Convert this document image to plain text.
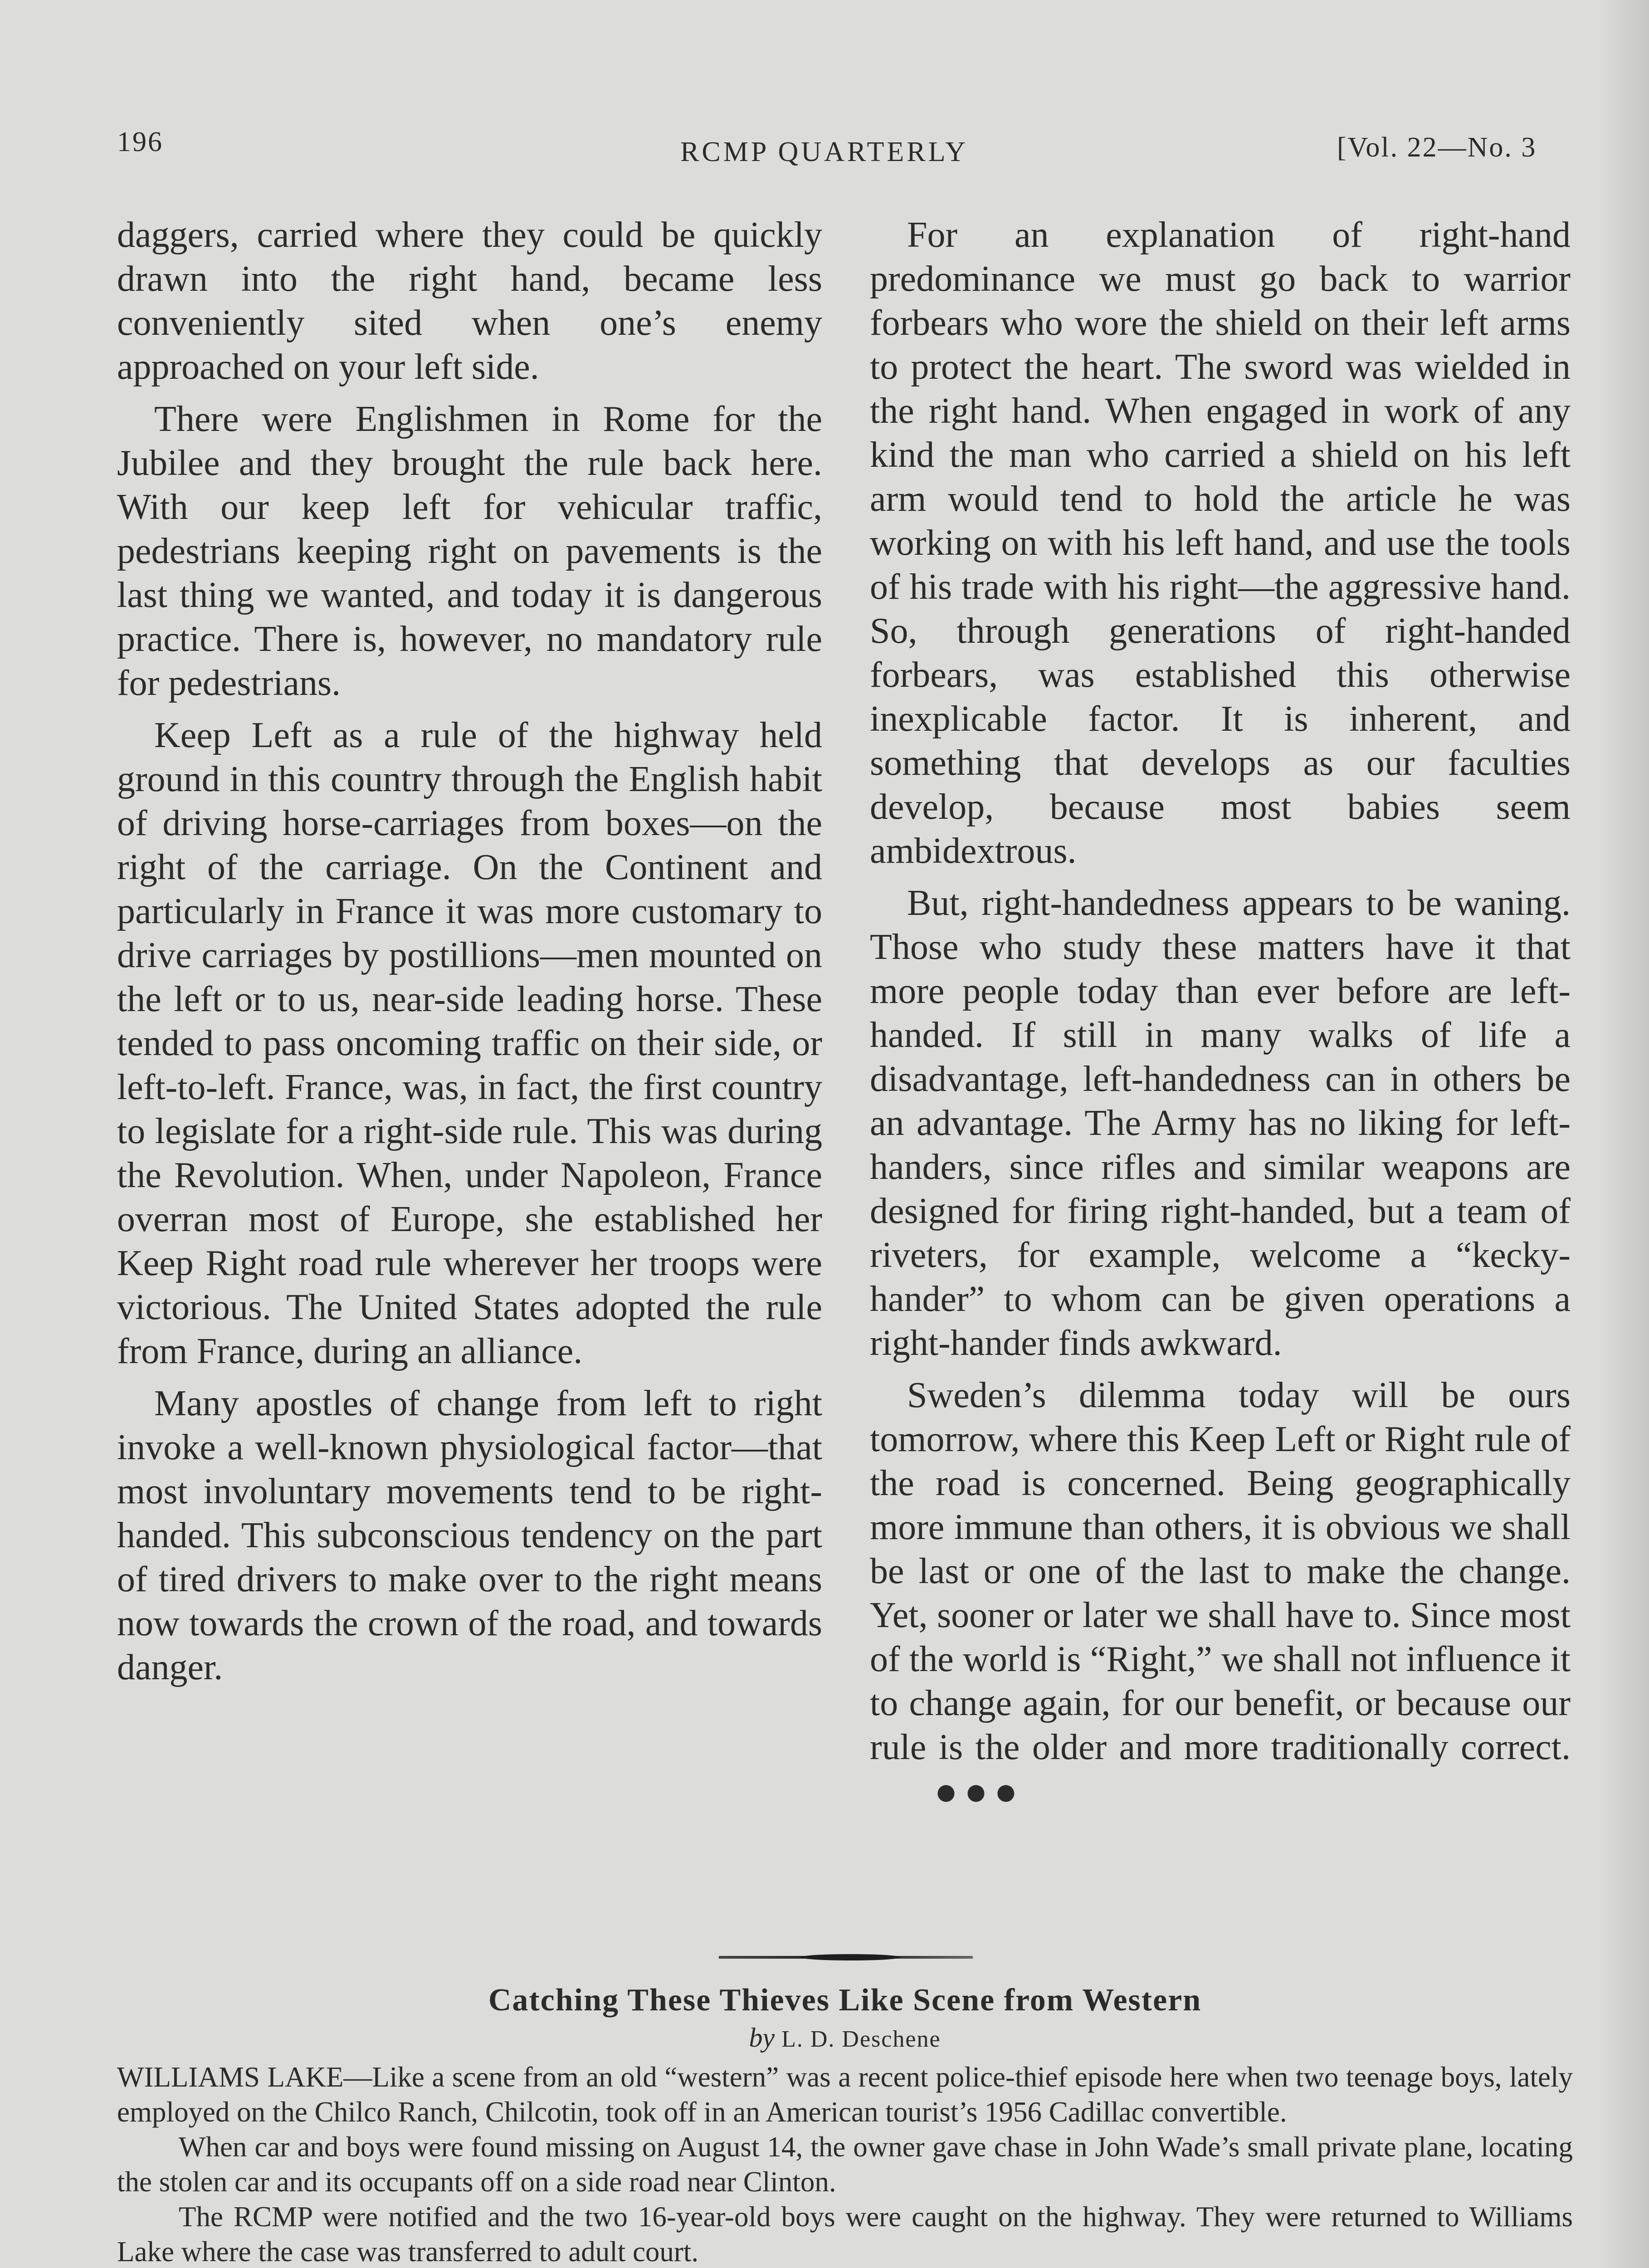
196	RCMP QUARTERLY	[Vol. 22—No. 3

daggers, carried where they could be quickly drawn into the right hand, became less conveniently sited when one’s enemy approached on your left side.

There were Englishmen in Rome for the Jubilee and they brought the rule back here. With our keep left for vehicular traffic, pedestrians keeping right on pavements is the last thing we wanted, and today it is dangerous practice. There is, however, no mandatory rule for pedestrians.

Keep Left as a rule of the highway held ground in this country through the English habit of driving horse-carriages from boxes—on the right of the carriage. On the Continent and particularly in France it was more customary to drive carriages by postillions—men mounted on the left or to us, near-side leading horse. These tended to pass oncoming traffic on their side, or left-to-left. France, was, in fact, the first country to legislate for a right-side rule. This was during the Revolution. When, under Napoleon, France overran most of Europe, she established her Keep Right road rule wherever her troops were victorious. The United States adopted the rule from France, during an alliance.

Many apostles of change from left to right invoke a well-known physiological factor—that most involuntary movements tend to be right-handed. This subconscious tendency on the part of tired drivers to make over to the right means now towards the crown of the road, and towards danger.

For an explanation of right-hand predominance we must go back to warrior forbears who wore the shield on their left arms to protect the heart. The sword was wielded in the right hand. When engaged in work of any kind the man who carried a shield on his left arm would tend to hold the article he was working on with his left hand, and use the tools of his trade with his right—the aggressive hand. So, through generations of right-handed forbears, was established this otherwise inexplicable factor. It is inherent, and something that develops as our faculties develop, because most babies seem ambidextrous.

But, right-handedness appears to be waning. Those who study these matters have it that more people today than ever before are left-handed. If still in many walks of life a disadvantage, left-handedness can in others be an advantage. The Army has no liking for left-handers, since rifles and similar weapons are designed for firing right-handed, but a team of riveters, for example, welcome a “kecky-hander” to whom can be given operations a right-hander finds awkward.

Sweden’s dilemma today will be ours tomorrow, where this Keep Left or Right rule of the road is concerned. Being geographically more immune than others, it is obvious we shall be last or one of the last to make the change. Yet, sooner or later we shall have to. Since most of the world is “Right,” we shall not influence it to change again, for our benefit, or because our rule is the older and more traditionally correct.●●●

Catching These Thieves Like Scene from Western
by L. D. Deschene

WILLIAMS LAKE—Like a scene from an old “western” was a recent police-thief episode here when two teenage boys, lately employed on the Chilco Ranch, Chilcotin, took off in an American tourist’s 1956 Cadillac convertible.

When car and boys were found missing on August 14, the owner gave chase in John Wade’s small private plane, locating the stolen car and its occupants off on a side road near Clinton.

The RCMP were notified and the two 16-year-old boys were caught on the highway. They were returned to Williams Lake where the case was transferred to adult court.
